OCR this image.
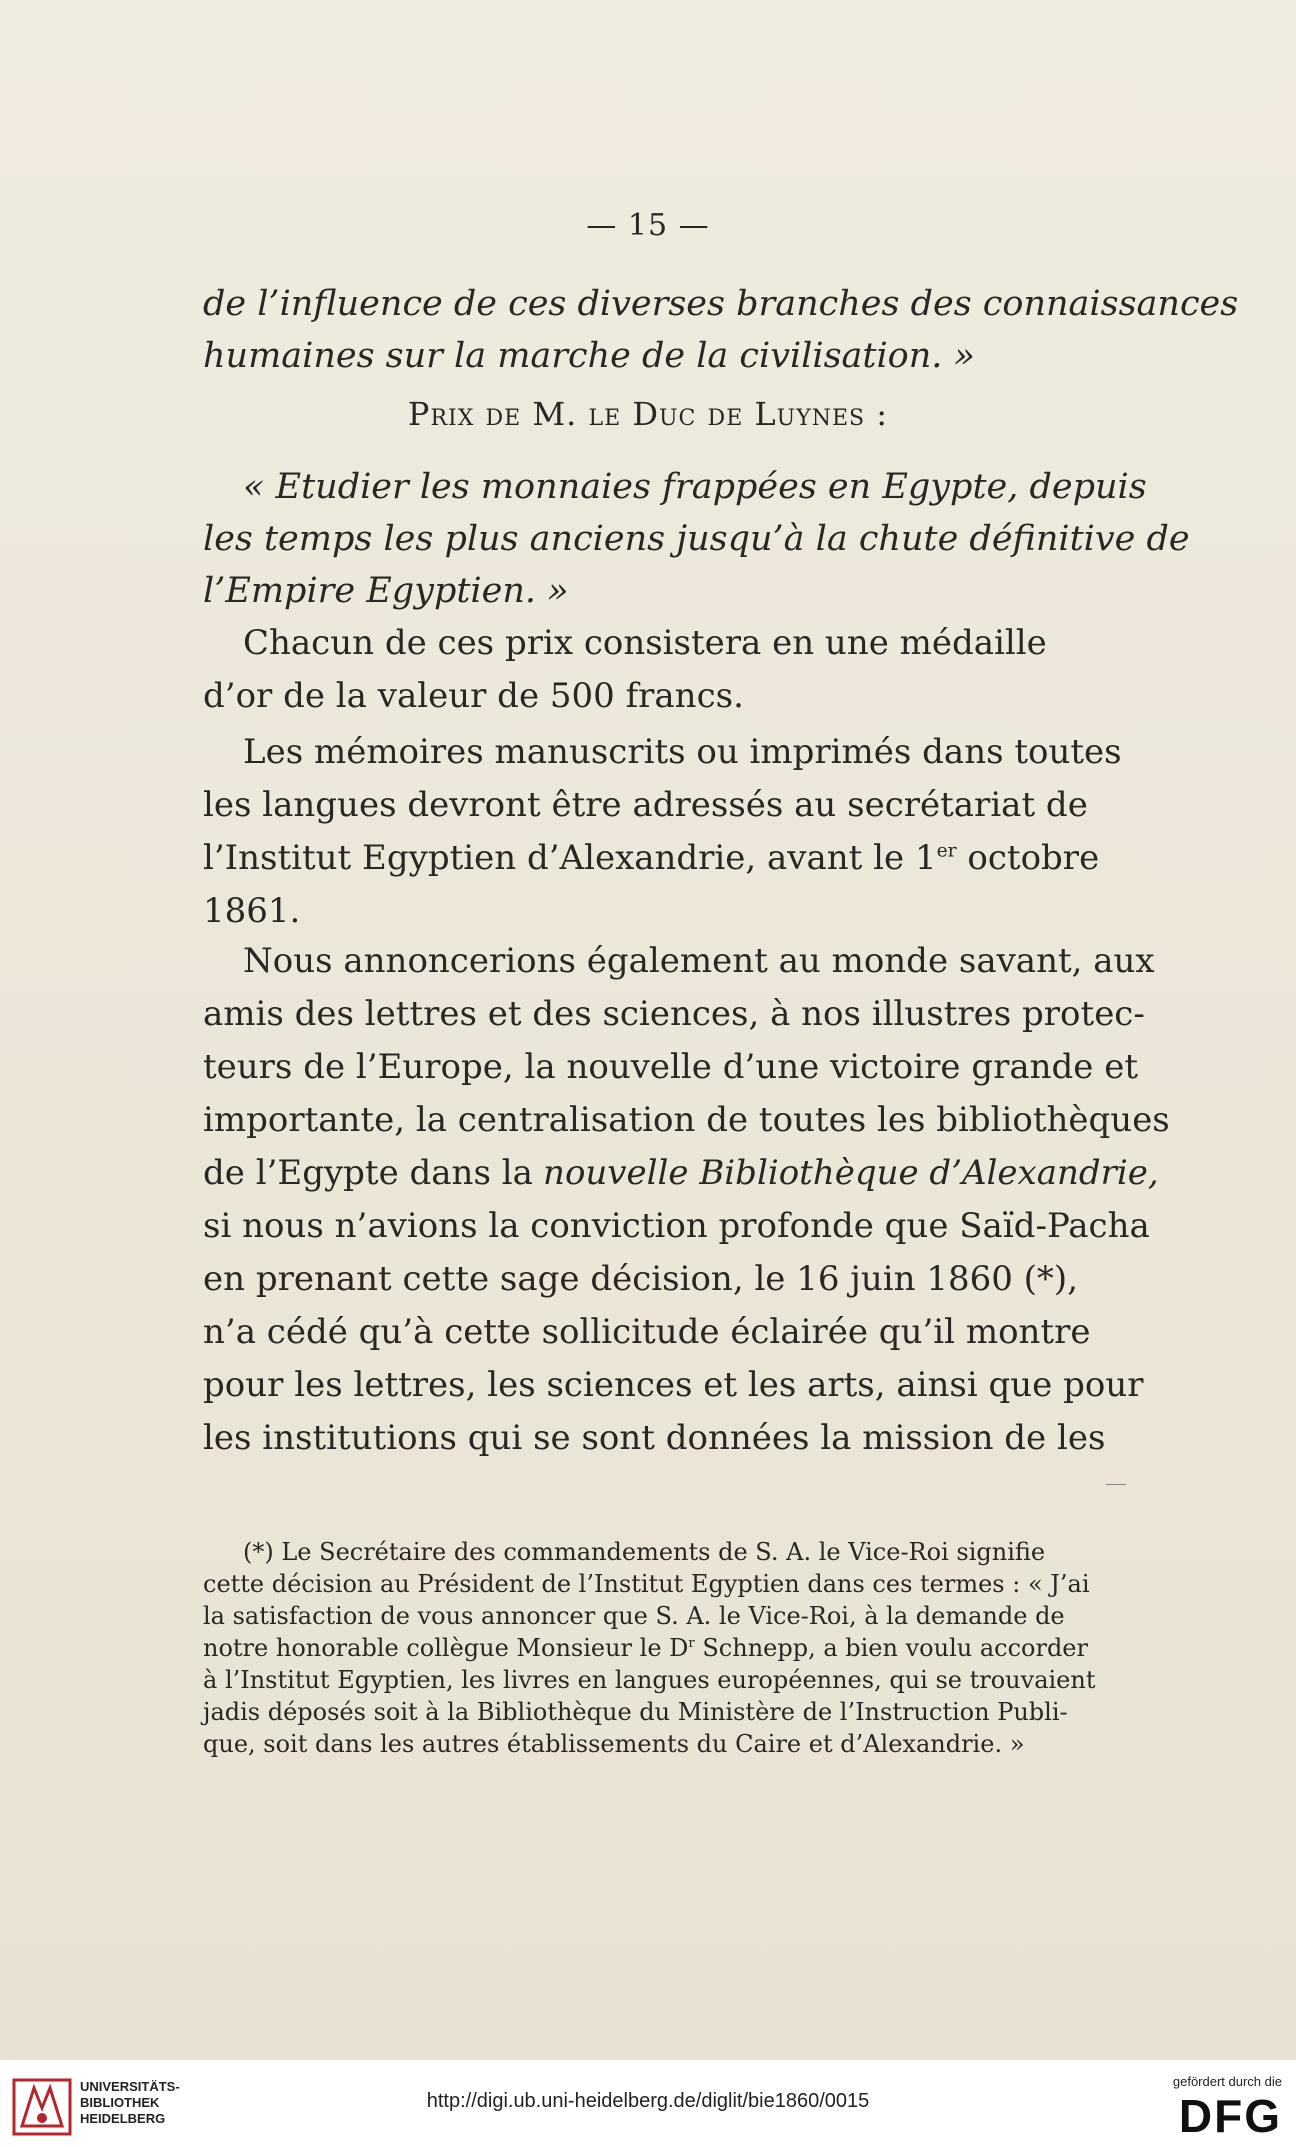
— 15 —
de l’influence de ces diverses branches des connaissances
humaines sur la marche de la civilisation. »
Prix de M. le Duc de Luynes :
« Etudier les monnaies frappées en Egypte, depuis
les temps les plus anciens jusqu’à la chute définitive de
l’Empire Egyptien. »
Chacun de ces prix consistera en une médaille
d’or de la valeur de 500 francs.
Les mémoires manuscrits ou imprimés dans toutes
les langues devront être adressés au secrétariat de
l’Institut Egyptien d’Alexandrie, avant le 1er octobre
1861.
Nous annoncerions également au monde savant, aux
amis des lettres et des sciences, à nos illustres protec-
teurs de l’Europe, la nouvelle d’une victoire grande et
importante, la centralisation de toutes les bibliothèques
de l’Egypte dans la nouvelle Bibliothèque d’Alexandrie,
si nous n’avions la conviction profonde que Saïd-Pacha
en prenant cette sage décision, le 16 juin 1860 (*),
n’a cédé qu’à cette sollicitude éclairée qu’il montre
pour les lettres, les sciences et les arts, ainsi que pour
les institutions qui se sont données la mission de les
(*) Le Secrétaire des commandements de S. A. le Vice-Roi signifie
cette décision au Président de l’Institut Egyptien dans ces termes : « J’ai
la satisfaction de vous annoncer que S. A. le Vice-Roi, à la demande de
notre honorable collègue Monsieur le $D^r$ Schnepp, a bien voulu accorder
à l’Institut Egyptien, les livres en langues européennes, qui se trouvaient
jadis déposés soit à la Bibliothèque du Ministère de l’Instruction Publi-
que, soit dans les autres établissements du Caire et d’Alexandrie. »
UNIVERSITÄTS-
BIBLIOTHEK
HEIDELBERG
http://digi.ub.uni-heidelberg.de/diglit/bie1860/0015
gefördert durch die
DFG
